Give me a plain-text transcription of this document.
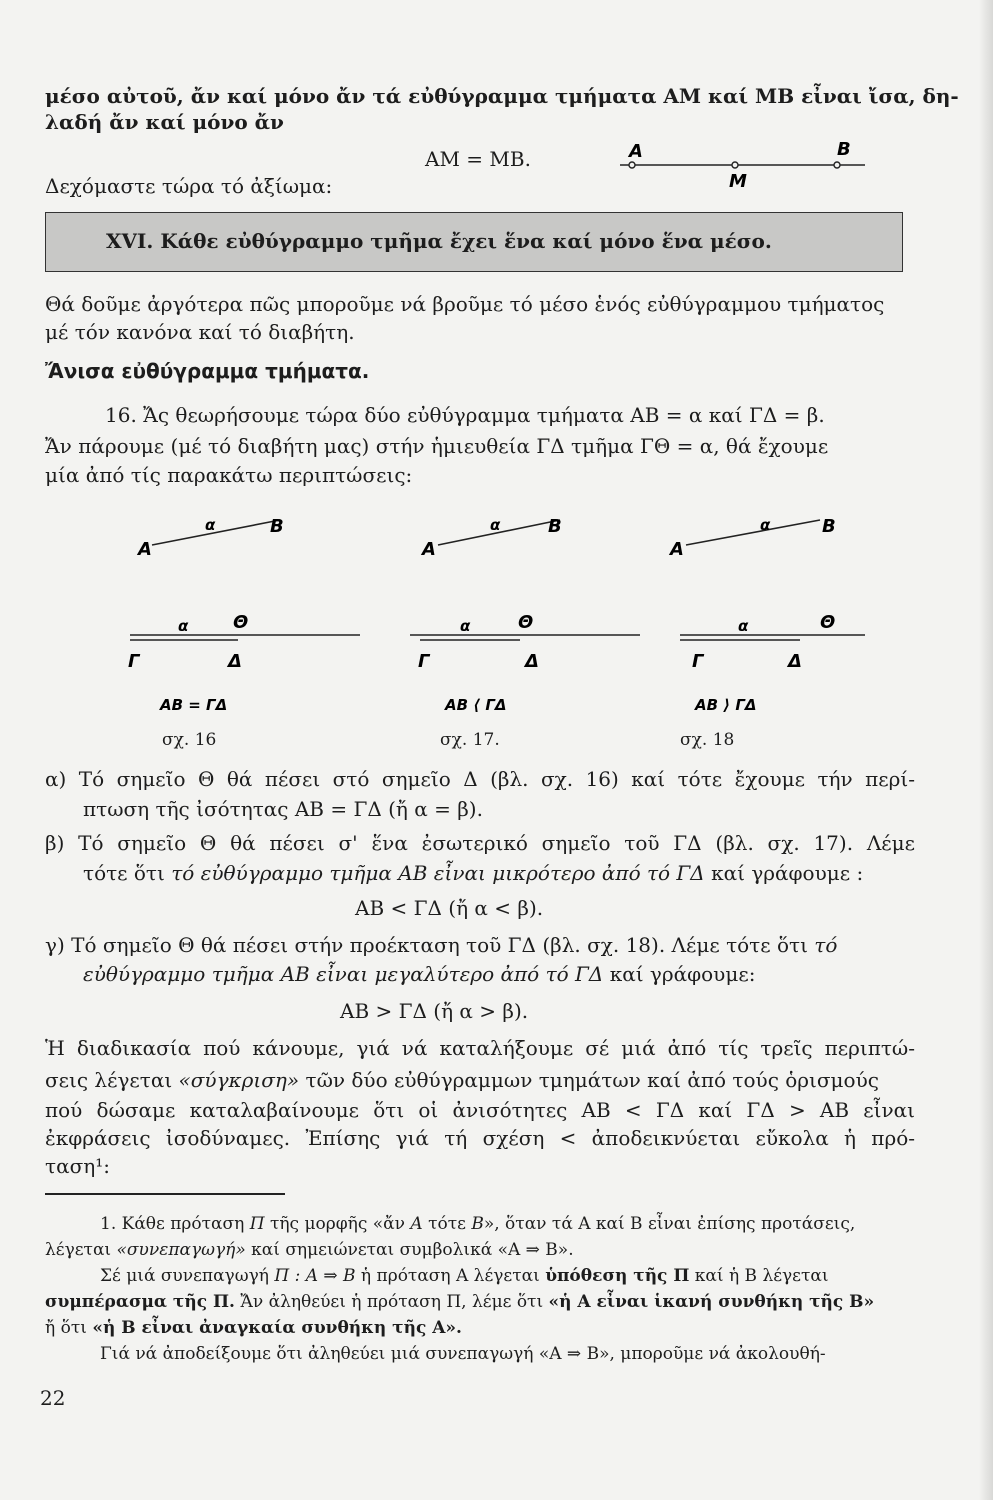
μέσο αὐτοῦ, ἄν καί μόνο ἄν τά εὐθύγραμμα τμήματα ΑΜ καί ΜΒ εἶναι ἴσα, δη-
λαδή ἄν καί μόνο ἄν
ΑΜ = ΜΒ.
Δεχόμαστε τώρα τό ἀξίωμα:
Α	Β
Μ
XVI. Κάθε εὐθύγραμμο τμῆμα ἔχει ἕνα καί μόνο ἕνα μέσο.
Θά δοῦμε ἀργότερα πῶς μποροῦμε νά βροῦμε τό μέσο ἑνός εὐθύγραμμου τμήματος
μέ τόν κανόνα καί τό διαβήτη.
Ἄνισα εὐθύγραμμα τμήματα.
16. Ἄς θεωρήσουμε τώρα δύο εὐθύγραμμα τμήματα ΑΒ = α καί ΓΔ = β.
Ἄν πάρουμε (μέ τό διαβήτη μας) στήν ἡμιευθεία ΓΔ τμῆμα ΓΘ = α, θά ἔχουμε
μία ἀπό τίς παρακάτω περιπτώσεις:
Α
Β
α
α Θ
Γ	Δ
ΑΒ = ΓΔ
Α
Β
α
α	Θ
Γ	Δ
ΑΒ ⟨ ΓΔ
Α
Β
α
α	Θ
Γ	Δ
ΑΒ ⟩ ΓΔ
σχ. 16	σχ. 17.	σχ. 18
α) Τό σημεῖο Θ θά πέσει στό σημεῖο Δ (βλ. σχ. 16) καί τότε ἔχουμε τήν περί-
πτωση τῆς ἰσότητας ΑΒ = ΓΔ (ἤ α = β).
β) Τό σημεῖο Θ θά πέσει σ' ἕνα ἐσωτερικό σημεῖο τοῦ ΓΔ (βλ. σχ. 17). Λέμε
τότε ὅτι τό εὐθύγραμμο τμῆμα ΑΒ εἶναι μικρότερο ἀπό τό ΓΔ καί γράφουμε :
ΑΒ < ΓΔ (ἤ α < β).
γ) Τό σημεῖο Θ θά πέσει στήν προέκταση τοῦ ΓΔ (βλ. σχ. 18). Λέμε τότε ὅτι τό
εὐθύγραμμο τμῆμα ΑΒ εἶναι μεγαλύτερο ἀπό τό ΓΔ καί γράφουμε:
ΑΒ > ΓΔ (ἤ α > β).
Ἡ διαδικασία πού κάνουμε, γιά νά καταλήξουμε σέ μιά ἀπό τίς τρεῖς περιπτώ-
σεις λέγεται «σύγκριση» τῶν δύο εὐθύγραμμων τμημάτων καί ἀπό τούς ὁρισμούς
πού δώσαμε καταλαβαίνουμε ὅτι οἱ ἀνισότητες ΑΒ < ΓΔ καί ΓΔ > ΑΒ εἶναι
ἐκφράσεις ἰσοδύναμες. Ἐπίσης γιά τή σχέση < ἀποδεικνύεται εὔκολα ἡ πρό-
ταση¹:
1. Κάθε πρόταση Π τῆς μορφῆς «ἄν Α τότε Β», ὅταν τά Α καί Β εἶναι ἐπίσης προτάσεις,
λέγεται «συνεπαγωγή» καί σημειώνεται συμβολικά «Α ⇒ Β».
Σέ μιά συνεπαγωγή Π : Α ⇒ Β ἡ πρόταση Α λέγεται ὑπόθεση τῆς Π καί ἡ Β λέγεται
συμπέρασμα τῆς Π. Ἄν ἀληθεύει ἡ πρόταση Π, λέμε ὅτι «ἡ Α εἶναι ἱκανή συνθήκη τῆς Β»
ἤ ὅτι «ἡ Β εἶναι ἀναγκαία συνθήκη τῆς Α».
Γιά νά ἀποδείξουμε ὅτι ἀληθεύει μιά συνεπαγωγή «Α ⇒ Β», μποροῦμε νά ἀκολουθή-
22
